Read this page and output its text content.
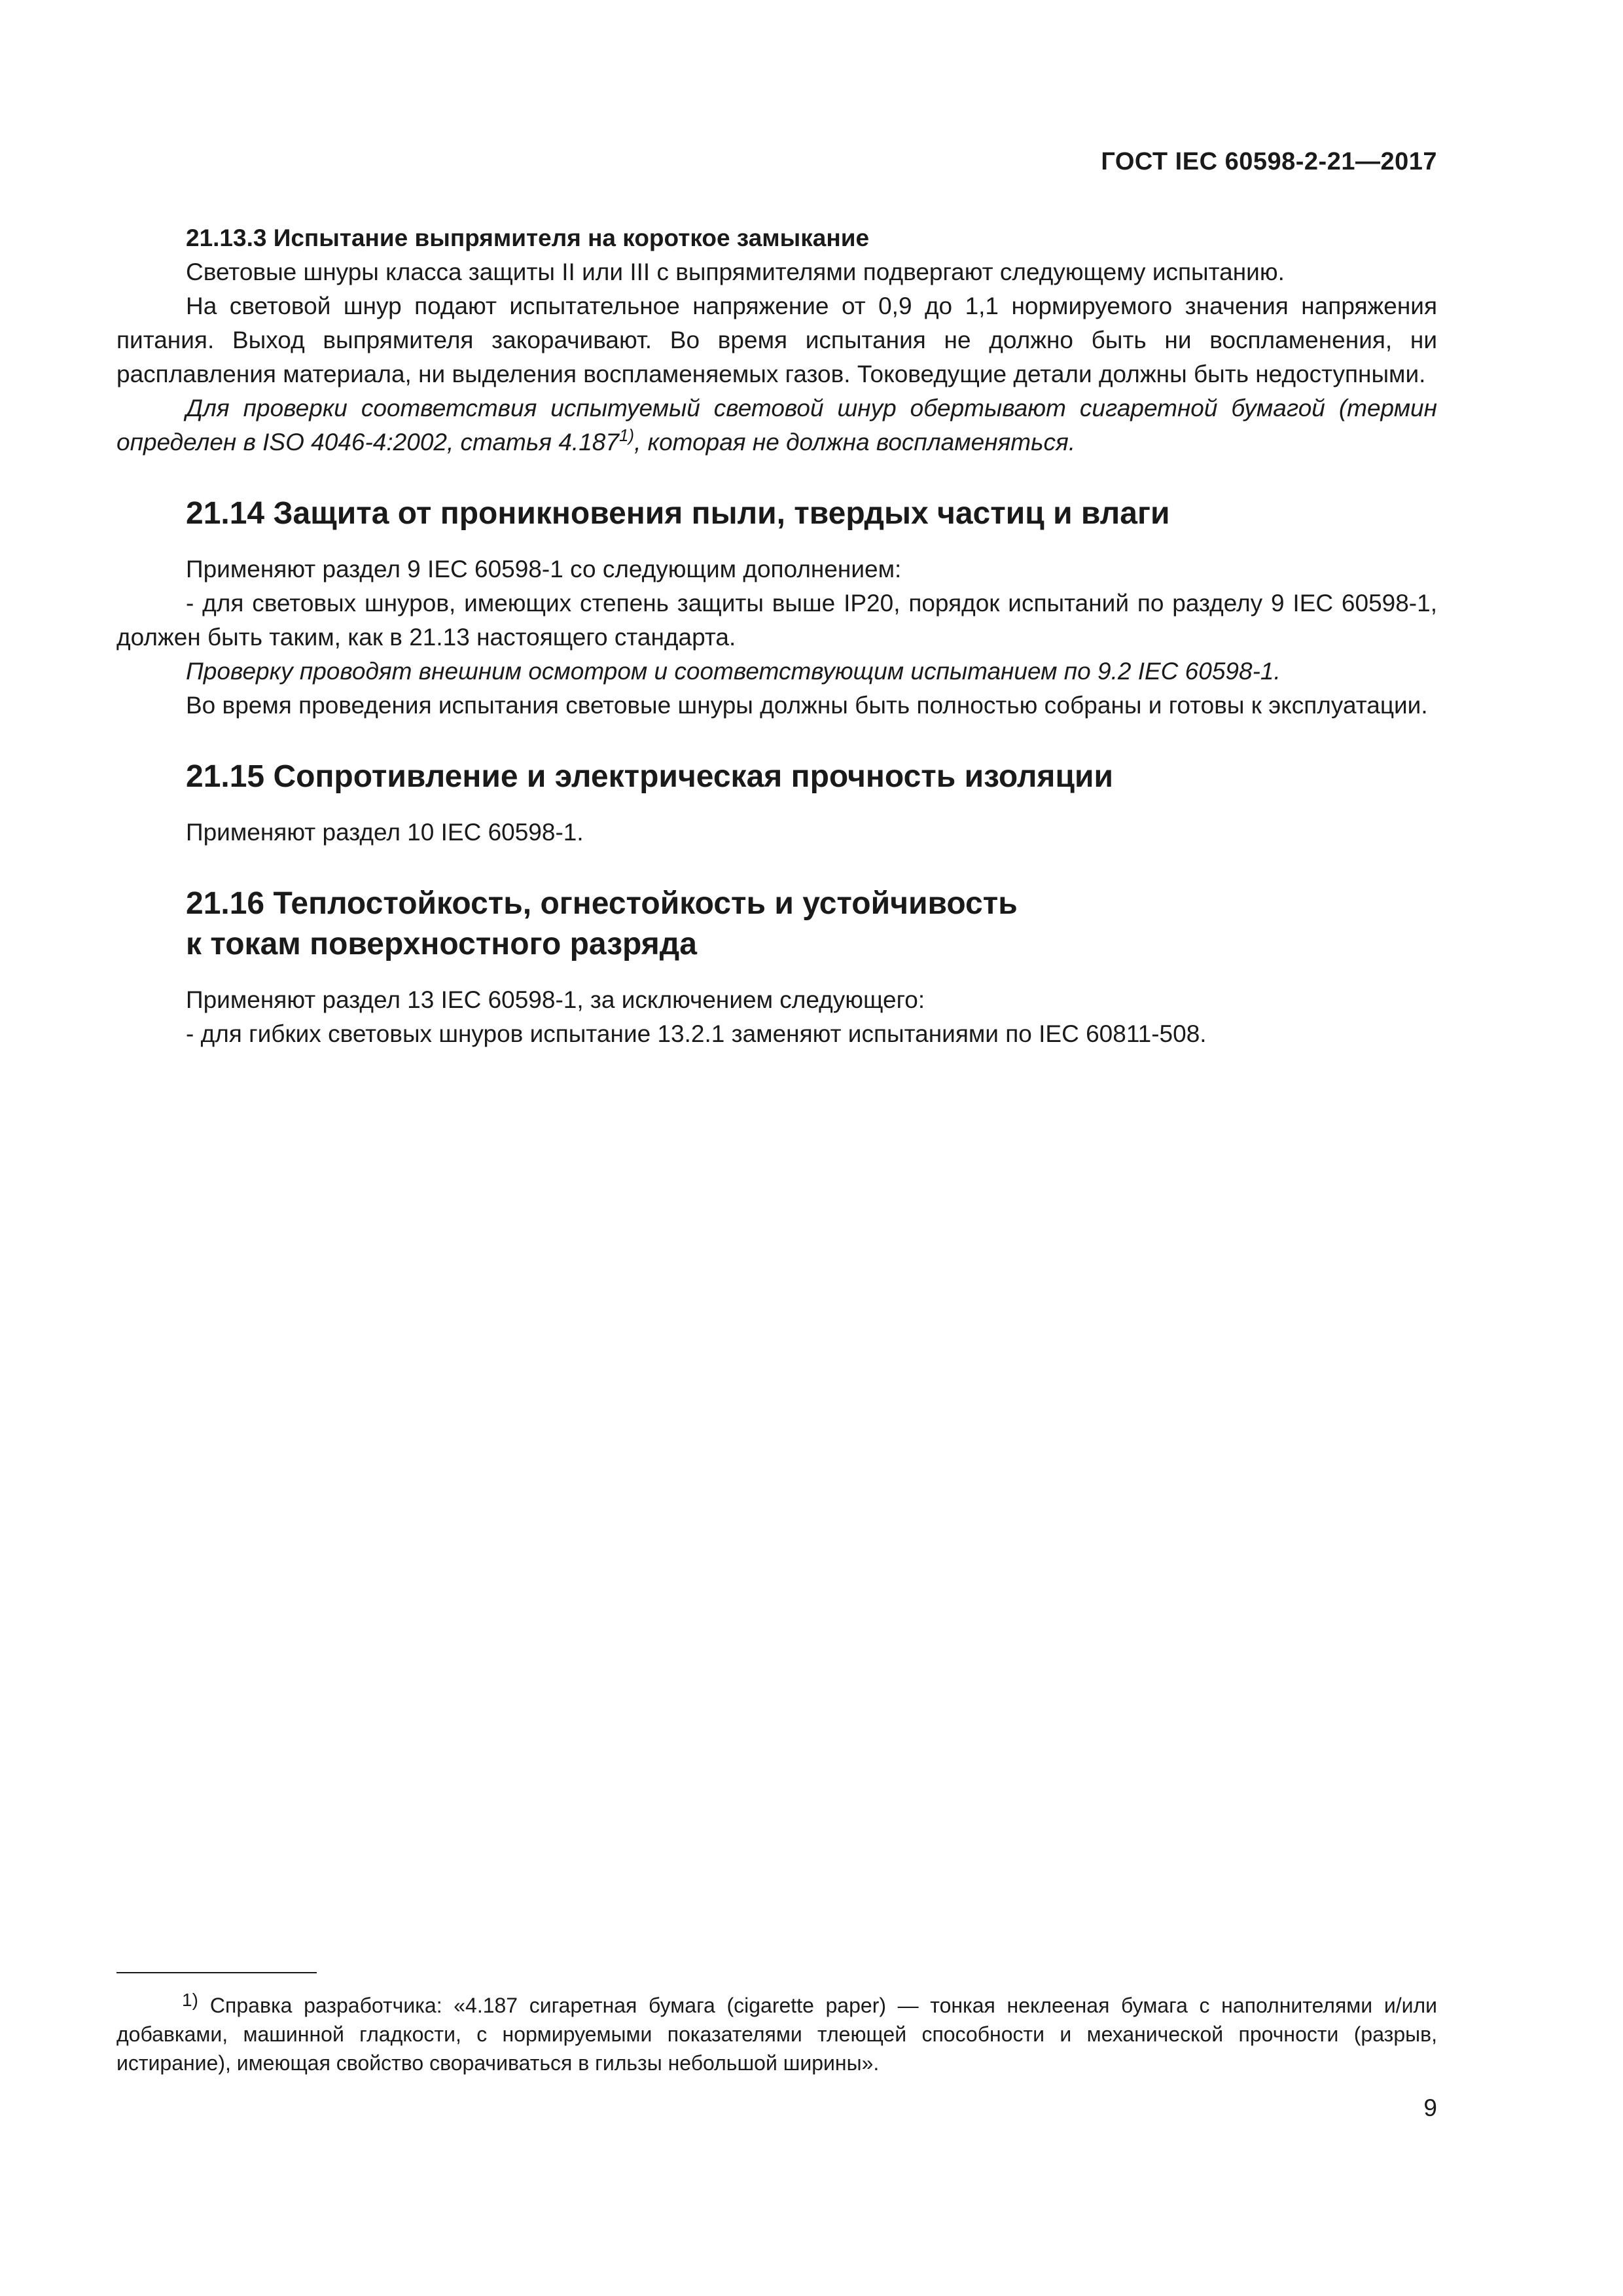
ГОСТ IEC 60598-2-21—2017

21.13.3 Испытание выпрямителя на короткое замыкание

Световые шнуры класса защиты II или III с выпрямителями подвергают следующему испытанию.

На световой шнур подают испытательное напряжение от 0,9 до 1,1 нормируемого значения напряжения питания. Выход выпрямителя закорачивают. Во время испытания не должно быть ни воспламенения, ни расплавления материала, ни выделения воспламеняемых газов. Токоведущие детали должны быть недоступными.

Для проверки соответствия испытуемый световой шнур обертывают сигаретной бумагой (термин определен в ISO 4046-4:2002, статья 4.187$^{1)}$, которая не должна воспламеняться.

21.14 Защита от проникновения пыли, твердых частиц и влаги

Применяют раздел 9 IEC 60598-1 со следующим дополнением:

- для световых шнуров, имеющих степень защиты выше IP20, порядок испытаний по разделу 9 IEC 60598-1, должен быть таким, как в 21.13 настоящего стандарта.

Проверку проводят внешним осмотром и соответствующим испытанием по 9.2 IEC 60598-1.

Во время проведения испытания световые шнуры должны быть полностью собраны и готовы к эксплуатации.

21.15 Сопротивление и электрическая прочность изоляции

Применяют раздел 10 IEC 60598-1.

21.16 Теплостойкость, огнестойкость и устойчивость
к токам поверхностного разряда

Применяют раздел 13 IEC 60598-1, за исключением следующего:

- для гибких световых шнуров испытание 13.2.1 заменяют испытаниями по IEC 60811-508.

$^{1)}$ Справка разработчика: «4.187 сигаретная бумага (cigarette paper) — тонкая неклееная бумага с наполнителями и/или добавками, машинной гладкости, с нормируемыми показателями тлеющей способности и механической прочности (разрыв, истирание), имеющая свойство сворачиваться в гильзы небольшой ширины».

9
